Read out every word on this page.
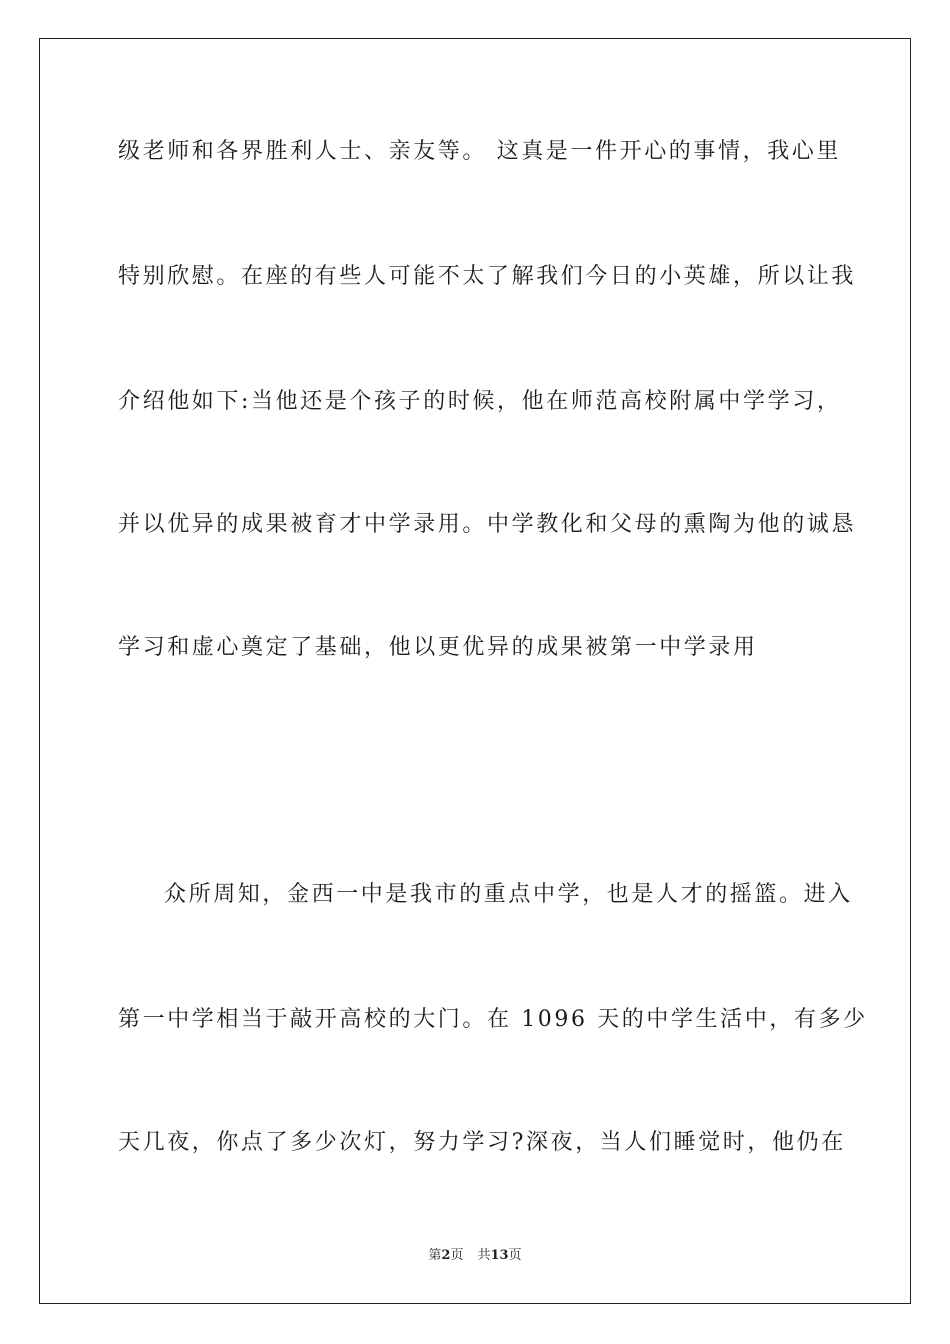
级老师和各界胜利人士、亲友等。 这真是一件开心的事情，我心里
特别欣慰。在座的有些人可能不太了解我们今日的小英雄，所以让我
介绍他如下:当他还是个孩子的时候，他在师范高校附属中学学习，
并以优异的成果被育才中学录用。中学教化和父母的熏陶为他的诚恳
学习和虚心奠定了基础，他以更优异的成果被第一中学录用
众所周知，金西一中是我市的重点中学，也是人才的摇篮。进入
第一中学相当于敲开高校的大门。在 1096 天的中学生活中，有多少
天几夜，你点了多少次灯，努力学习?深夜，当人们睡觉时，他仍在
第2页 共13页
